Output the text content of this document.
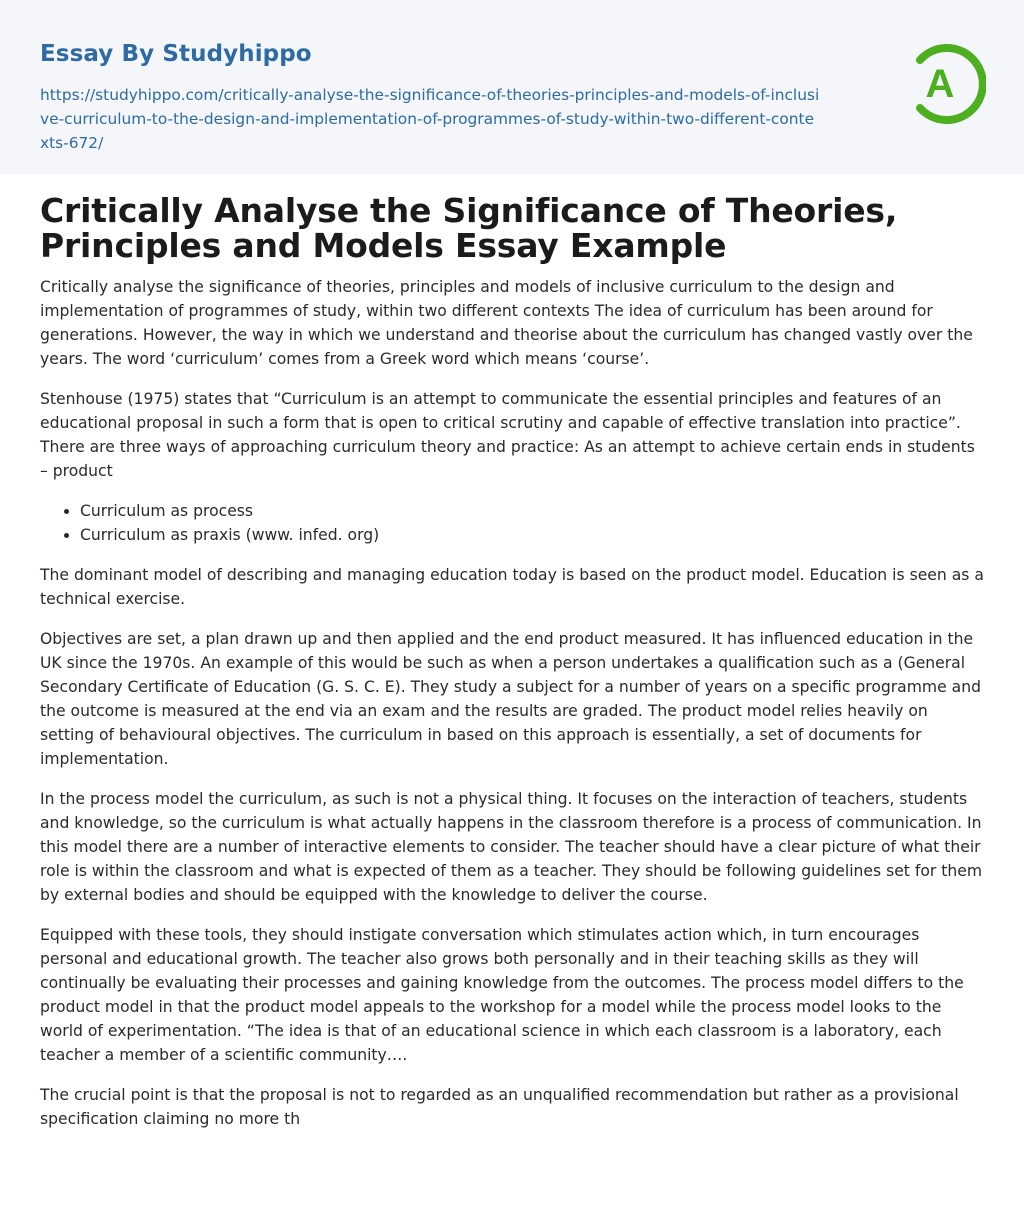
Essay By Studyhippo
https://studyhippo.com/critically-analyse-the-significance-of-theories-principles-and-models-of-inclusive-curriculum-to-the-design-and-implementation-of-programmes-of-study-within-two-different-contexts-672/
A
Critically Analyse the Significance of Theories, Principles and Models Essay Example

Critically analyse the significance of theories, principles and models of inclusive curriculum to the design and implementation of programmes of study, within two different contexts The idea of curriculum has been around for generations. However, the way in which we understand and theorise about the curriculum has changed vastly over the years. The word ‘curriculum’ comes from a Greek word which means ‘course’.

Stenhouse (1975) states that “Curriculum is an attempt to communicate the essential principles and features of an educational proposal in such a form that is open to critical scrutiny and capable of effective translation into practice”. There are three ways of approaching curriculum theory and practice: As an attempt to achieve certain ends in students – product

• Curriculum as process
• Curriculum as praxis (www. infed. org)

The dominant model of describing and managing education today is based on the product model. Education is seen as a technical exercise.

Objectives are set, a plan drawn up and then applied and the end product measured. It has influenced education in the UK since the 1970s. An example of this would be such as when a person undertakes a qualification such as a (General Secondary Certificate of Education (G. S. C. E). They study a subject for a number of years on a specific programme and the outcome is measured at the end via an exam and the results are graded. The product model relies heavily on setting of behavioural objectives. The curriculum in based on this approach is essentially, a set of documents for implementation.

In the process model the curriculum, as such is not a physical thing. It focuses on the interaction of teachers, students and knowledge, so the curriculum is what actually happens in the classroom therefore is a process of communication. In this model there are a number of interactive elements to consider. The teacher should have a clear picture of what their role is within the classroom and what is expected of them as a teacher. They should be following guidelines set for them by external bodies and should be equipped with the knowledge to deliver the course.

Equipped with these tools, they should instigate conversation which stimulates action which, in turn encourages personal and educational growth. The teacher also grows both personally and in their teaching skills as they will continually be evaluating their processes and gaining knowledge from the outcomes. The process model differs to the product model in that the product model appeals to the workshop for a model while the process model looks to the world of experimentation. “The idea is that of an educational science in which each classroom is a laboratory, each teacher a member of a scientific community….

The crucial point is that the proposal is not to regarded as an unqualified recommendation but rather as a provisional specification claiming no more th
